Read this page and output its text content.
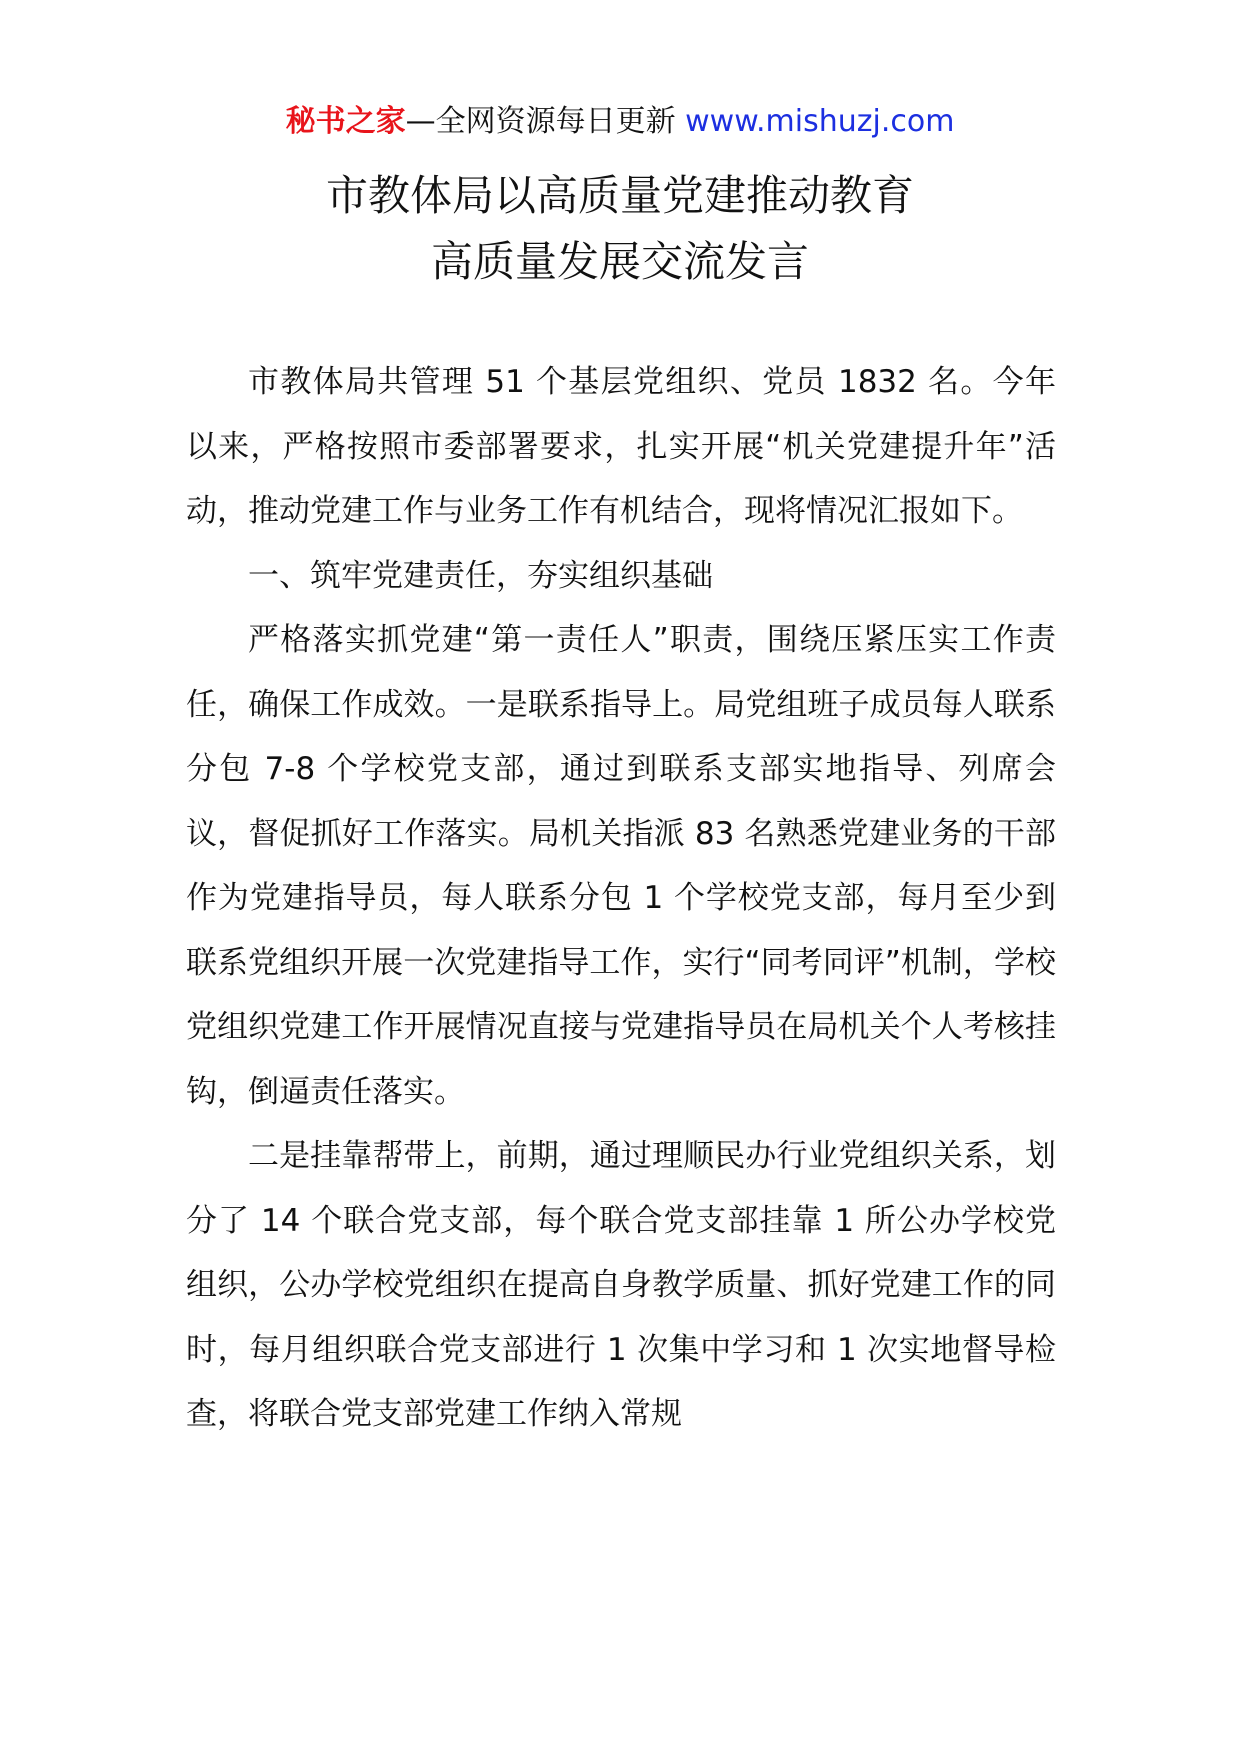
秘书之家—全网资源每日更新 www.mishuzj.com
市教体局以高质量党建推动教育
高质量发展交流发言

市教体局共管理 51 个基层党组织、党员 1832 名。今年以来，严格按照市委部署要求，扎实开展“机关党建提升年”活动，推动党建工作与业务工作有机结合，现将情况汇报如下。

一、筑牢党建责任，夯实组织基础

严格落实抓党建“第一责任人”职责，围绕压紧压实工作责任，确保工作成效。一是联系指导上。局党组班子成员每人联系分包 7-8 个学校党支部，通过到联系支部实地指导、列席会议，督促抓好工作落实。局机关指派 83 名熟悉党建业务的干部作为党建指导员，每人联系分包 1 个学校党支部，每月至少到联系党组织开展一次党建指导工作，实行“同考同评”机制，学校党组织党建工作开展情况直接与党建指导员在局机关个人考核挂钩，倒逼责任落实。

二是挂靠帮带上，前期，通过理顺民办行业党组织关系，划分了 14 个联合党支部，每个联合党支部挂靠 1 所公办学校党组织，公办学校党组织在提高自身教学质量、抓好党建工作的同时，每月组织联合党支部进行 1 次集中学习和 1 次实地督导检查，将联合党支部党建工作纳入常规
